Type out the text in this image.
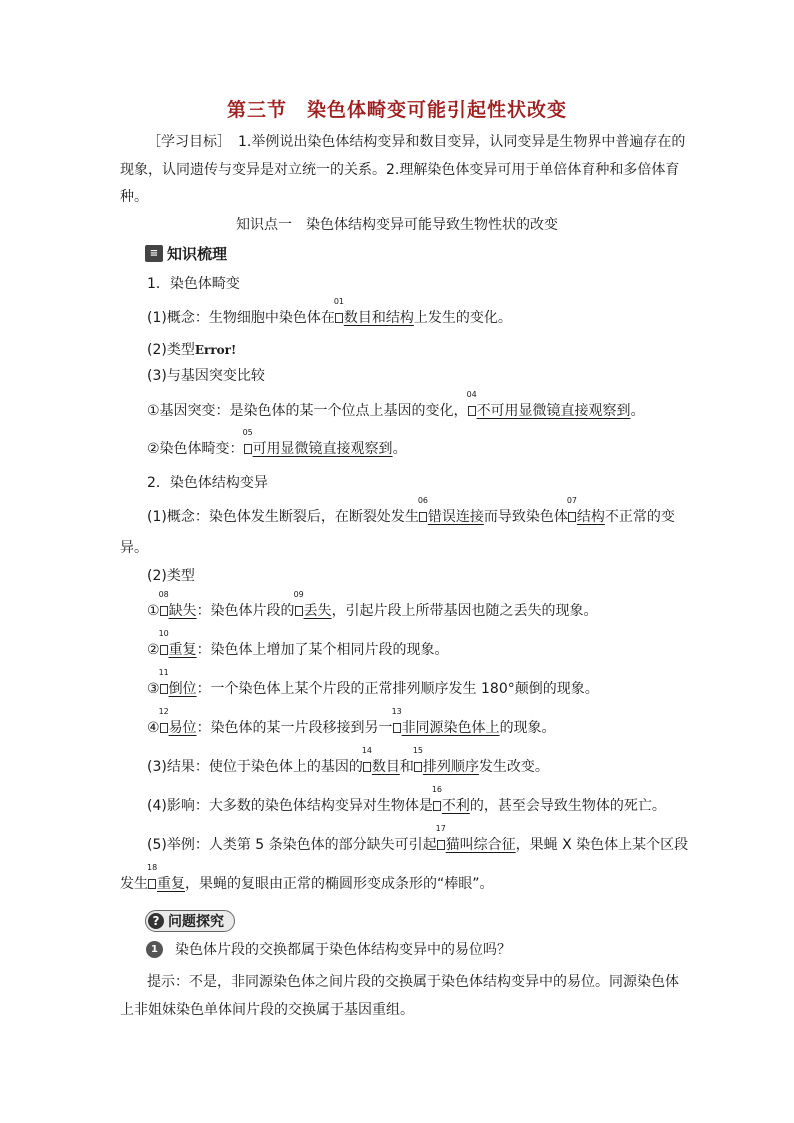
第三节　染色体畸变可能引起性状改变
［学习目标］　1.举例说出染色体结构变异和数目变异，认同变异是生物界中普遍存在的
现象，认同遗传与变异是对立统一的关系。2.理解染色体变异可用于单倍体育种和多倍体育
种。
知识点一　染色体结构变异可能导致生物性状的改变
≡ 知识梳理
1．染色体畸变
(1)概念：生物细胞中染色体在
01
数目和结构上发生的变化。
(2)类型Error!
(3)与基因突变比较
①基因突变：是染色体的某一个位点上基因的变化，
04
不可用显微镜直接观察到。
②染色体畸变：
05
可用显微镜直接观察到。
2．染色体结构变异
(1)概念：染色体发生断裂后，在断裂处发生
06
错误连接而导致染色体
07
结构不正常的变
异。
(2)类型
①
08
缺失：染色体片段的
09
丢失，引起片段上所带基因也随之丢失的现象。
②
10
重复：染色体上增加了某个相同片段的现象。
③
11
倒位：一个染色体上某个片段的正常排列顺序发生 180°颠倒的现象。
④
12
易位：染色体的某一片段移接到另一
13
非同源染色体上的现象。
(3)结果：使位于染色体上的基因的
14
数目和
15
排列顺序发生改变。
(4)影响：大多数的染色体结构变异对生物体是
16
不利的，甚至会导致生物体的死亡。
(5)举例：人类第 5 条染色体的部分缺失可引起
17
猫叫综合征，果蝇 X 染色体上某个区段
发生
18
重复，果蝇的复眼由正常的椭圆形变成条形的“棒眼”。
? 问题探究
1	染色体片段的交换都属于染色体结构变异中的易位吗？
提示：不是，非同源染色体之间片段的交换属于染色体结构变异中的易位。同源染色体
上非姐妹染色单体间片段的交换属于基因重组。
